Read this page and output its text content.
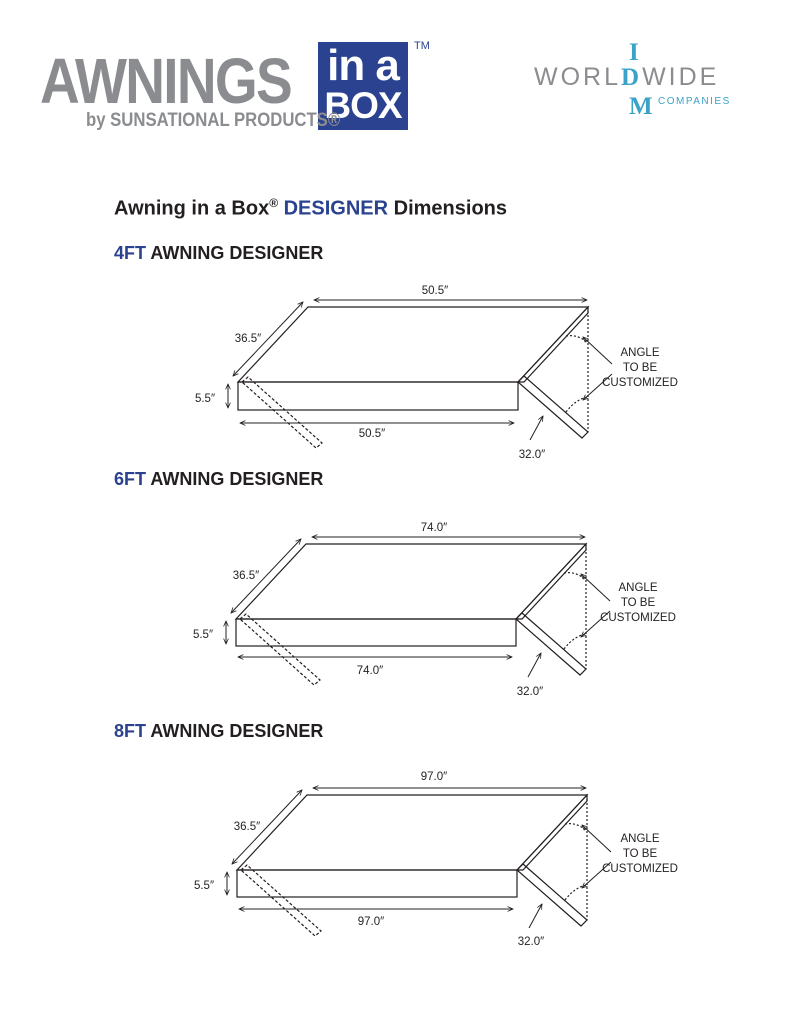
AWNINGS in a
BOX
TM
by SUNSATIONAL PRODUCTS®
I
WORLDWIDE
M COMPANIES
Awning in a Box® DESIGNER Dimensions
4FT AWNING DESIGNER
6FT AWNING DESIGNER
8FT AWNING DESIGNER
50.5″
36.5″
5.5″
50.5″
32.0″
ANGLE
TO BE
CUSTOMIZED
74.0″
36.5″
5.5″
74.0″
32.0″
ANGLE
TO BE
CUSTOMIZED
97.0″
36.5″
5.5″
97.0″
32.0″
ANGLE
TO BE
CUSTOMIZED
